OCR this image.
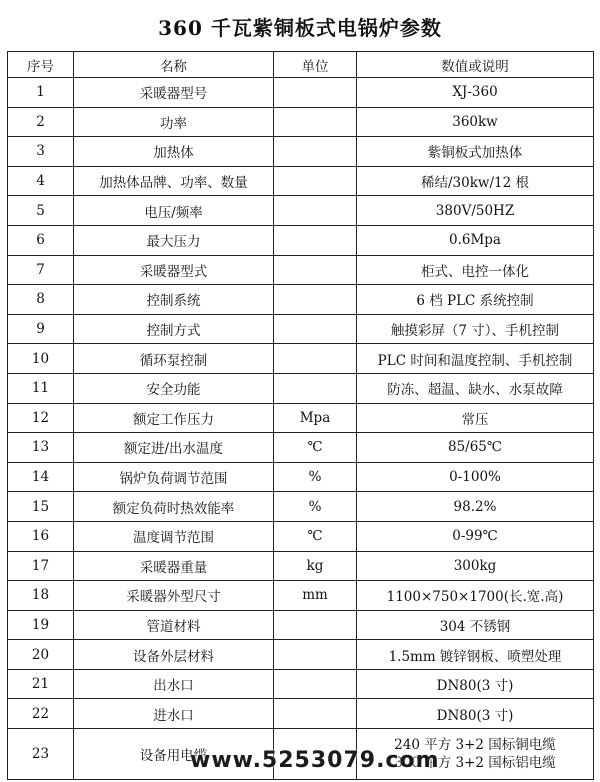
360 千瓦紫铜板式电锅炉参数
序号	名称	单位	数值或说明
1	采暖器型号		XJ-360
2	功率		360kw
3	加热体		紫铜板式加热体
4	加热体品牌、功率、数量		稀结/30kw/12 根
5	电压/频率		380V/50HZ
6	最大压力		0.6Mpa
7	采暖器型式		柜式、电控一体化
8	控制系统		6 档 PLC 系统控制
9	控制方式		触摸彩屏（7 寸）、手机控制
10	循环泵控制		PLC 时间和温度控制、手机控制
11	安全功能		防冻、超温、缺水、水泵故障
12	额定工作压力	Mpa	常压
13	额定进/出水温度	℃	85/65℃
14	锅炉负荷调节范围	%	0-100%
15	额定负荷时热效能率	%	98.2%
16	温度调节范围	℃	0-99℃
17	采暖器重量	kg	300kg
18	采暖器外型尺寸	mm	1100×750×1700(长.宽.高)
19	管道材料		304 不锈钢
20	设备外层材料		1.5mm 镀锌钢板、喷塑处理
21	出水口		DN80(3 寸)
22	进水口		DN80(3 寸)
23	设备用电缆		240 平方 3+2 国标铜电缆
300 平方 3+2 国标铝电缆
www.5253079.com
